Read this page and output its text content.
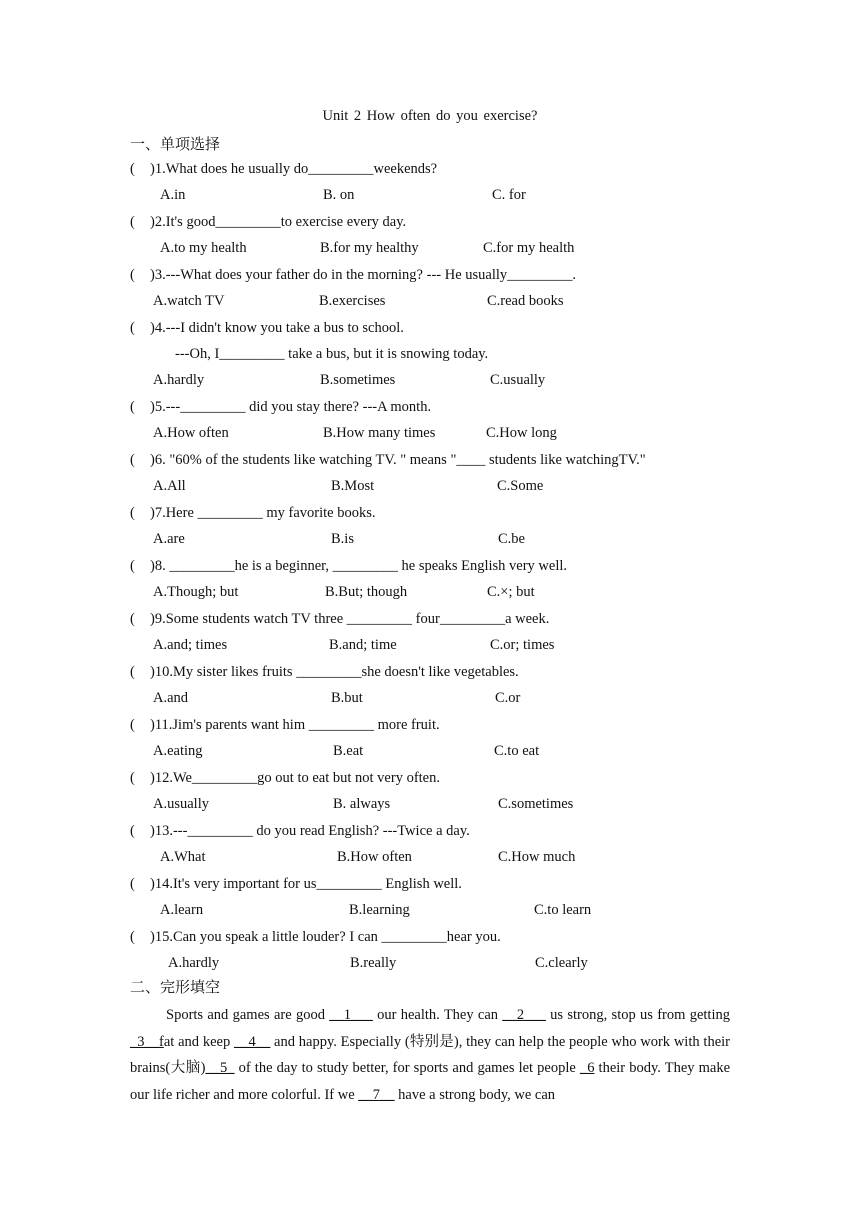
Unit 2 How often do you exercise?
一、单项选择
( )1.What does he usually do_________weekends?
A.in	B. on	C. for
( )2.It's good_________to exercise every day.
A.to my health	B.for my healthy	C.for my health
( )3.---What does your father do in the morning? --- He usually_________.
A.watch TV	B.exercises	C.read books
( )4.---I didn't know you take a bus to school.
---Oh, I_________ take a bus, but it is snowing today.
A.hardly	B.sometimes	C.usually
( )5.---_________ did you stay there? ---A month.
A.How often	B.How many times	C.How long
( )6. "60% of the students like watching TV. " means "____ students like watchingTV."
A.All	B.Most	C.Some
( )7.Here _________ my favorite books.
A.are	B.is	C.be
( )8. _________he is a beginner, _________ he speaks English very well.
A.Though; but	B.But; though	C.×; but
( )9.Some students watch TV three _________ four_________a week.
A.and; times	B.and; time	C.or; times
( )10.My sister likes fruits _________she doesn't like vegetables.
A.and	B.but	C.or
( )11.Jim's parents want him _________ more fruit.
A.eating	B.eat	C.to eat
( )12.We_________go out to eat but not very often.
A.usually	B. always	C.sometimes
( )13.---_________ do you read English? ---Twice a day.
A.What	B.How often	C.How much
( )14.It's very important for us_________ English well.
A.learn	B.learning	C.to learn
( )15.Can you speak a little louder? I can _________hear you.
A.hardly	B.really	C.clearly
二、完形填空
Sports and games are good __1___ our health. They can __2___ us strong, stop us from getting _3__fat and keep __4__ and happy. Especially (特别是), they can help the people who work with their brains(大脑)__5_ of the day to study better, for sports and games let people _6 their body. They make our life richer and more colorful. If we __7__ have a strong body, we can
